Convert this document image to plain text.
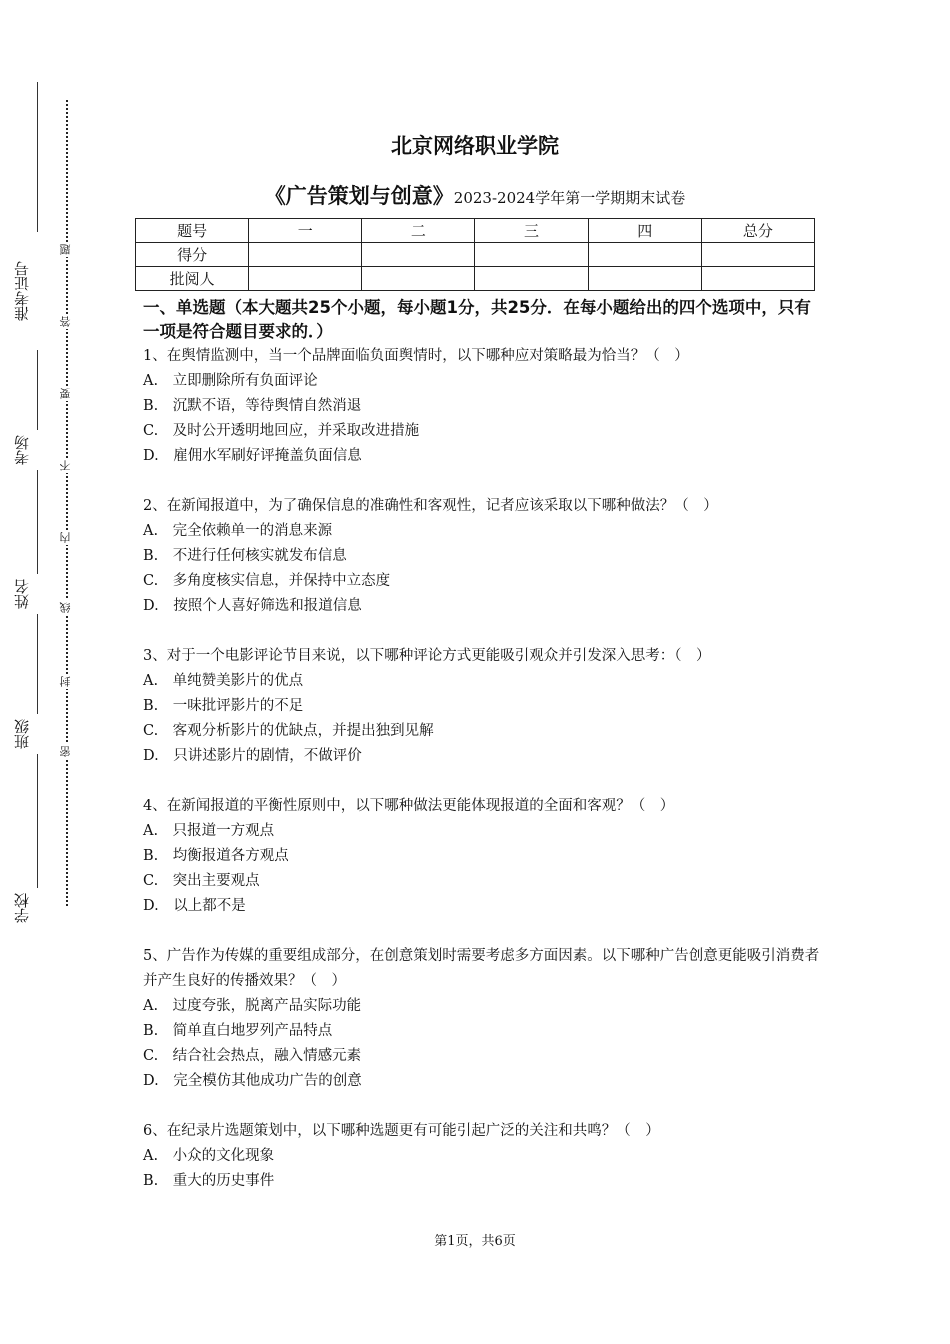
准考证号
考场
姓名
班级
学校
题
答
要
不
内
线
封
密
北京网络职业学院
《广告策划与创意》2023-2024学年第一学期期末试卷
题号	一	二	三	四	总分
得分					
批阅人					
一、单选题（本大题共25个小题，每小题1分，共25分．在每小题给出的四个选项中，只有一项是符合题目要求的．）
1、在舆情监测中，当一个品牌面临负面舆情时，以下哪种应对策略最为恰当？（　）
A.　立即删除所有负面评论
B.　沉默不语，等待舆情自然消退
C.　及时公开透明地回应，并采取改进措施
D.　雇佣水军刷好评掩盖负面信息
2、在新闻报道中，为了确保信息的准确性和客观性，记者应该采取以下哪种做法？（　）
A.　完全依赖单一的消息来源
B.　不进行任何核实就发布信息
C.　多角度核实信息，并保持中立态度
D.　按照个人喜好筛选和报道信息
3、对于一个电影评论节目来说，以下哪种评论方式更能吸引观众并引发深入思考：（　）
A.　单纯赞美影片的优点
B.　一味批评影片的不足
C.　客观分析影片的优缺点，并提出独到见解
D.　只讲述影片的剧情，不做评价
4、在新闻报道的平衡性原则中，以下哪种做法更能体现报道的全面和客观？（　）
A.　只报道一方观点
B.　均衡报道各方观点
C.　突出主要观点
D.　以上都不是
5、广告作为传媒的重要组成部分，在创意策划时需要考虑多方面因素。以下哪种广告创意更能吸引消费者并产生良好的传播效果？（　）
A.　过度夸张，脱离产品实际功能
B.　简单直白地罗列产品特点
C.　结合社会热点，融入情感元素
D.　完全模仿其他成功广告的创意
6、在纪录片选题策划中，以下哪种选题更有可能引起广泛的关注和共鸣？（　）
A.　小众的文化现象
B.　重大的历史事件
第1页，共6页
